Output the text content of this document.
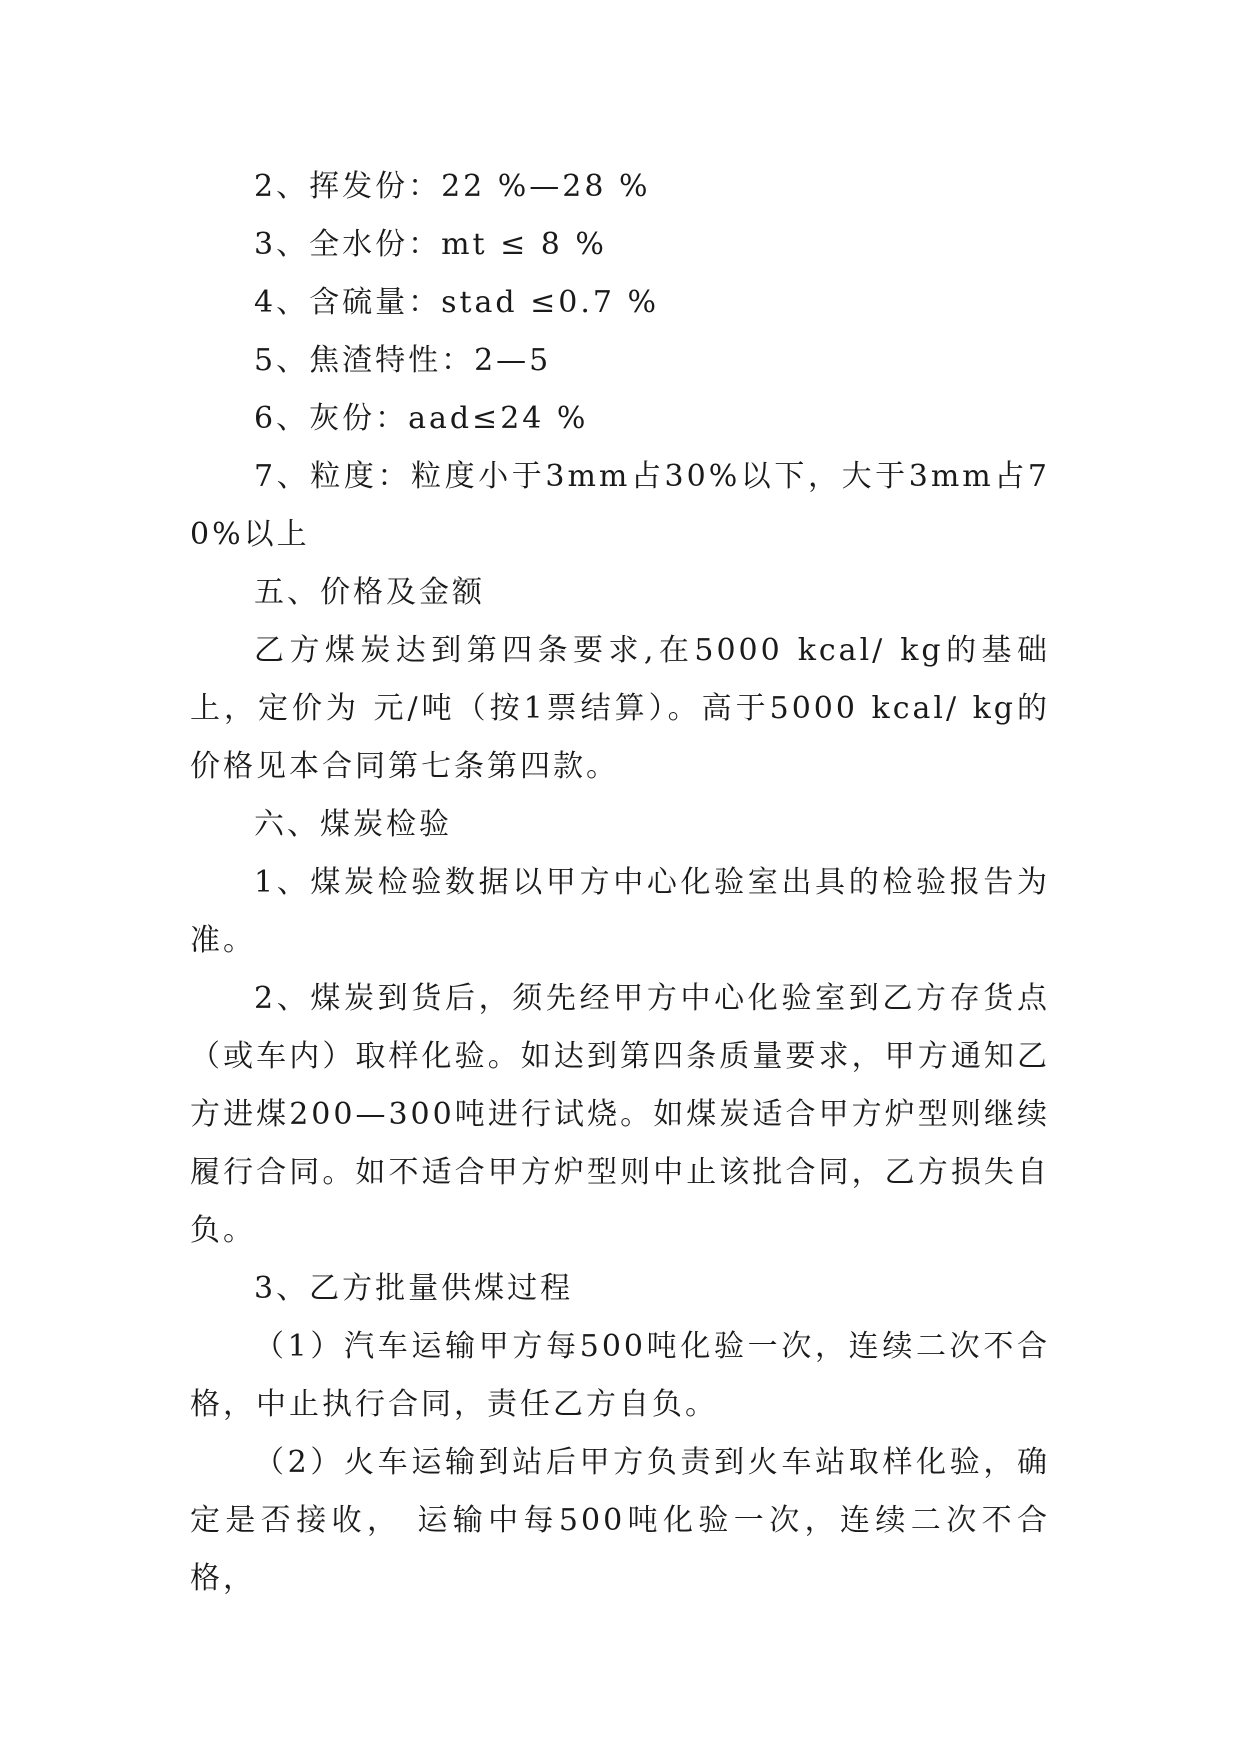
2、挥发份：22 %—28 %

3、全水份：mt ≤ 8 %

4、含硫量：stad ≤0.7 %

5、焦渣特性：2—5

6、灰份：aad≤24 %

7、粒度：粒度小于3mm占30%以下，大于3mm占70%以上

五、价格及金额

乙方煤炭达到第四条要求,在5000 kcal/ kg的基础上，定价为 元/吨（按1票结算）。高于5000 kcal/ kg的价格见本合同第七条第四款。

六、煤炭检验

1、煤炭检验数据以甲方中心化验室出具的检验报告为准。

2、煤炭到货后，须先经甲方中心化验室到乙方存货点（或车内）取样化验。如达到第四条质量要求，甲方通知乙方进煤200—300吨进行试烧。如煤炭适合甲方炉型则继续履行合同。如不适合甲方炉型则中止该批合同，乙方损失自负。

3、乙方批量供煤过程

（1）汽车运输甲方每500吨化验一次，连续二次不合格，中止执行合同，责任乙方自负。

（2）火车运输到站后甲方负责到火车站取样化验，确定是否接收， 运输中每500吨化验一次，连续二次不合格，
